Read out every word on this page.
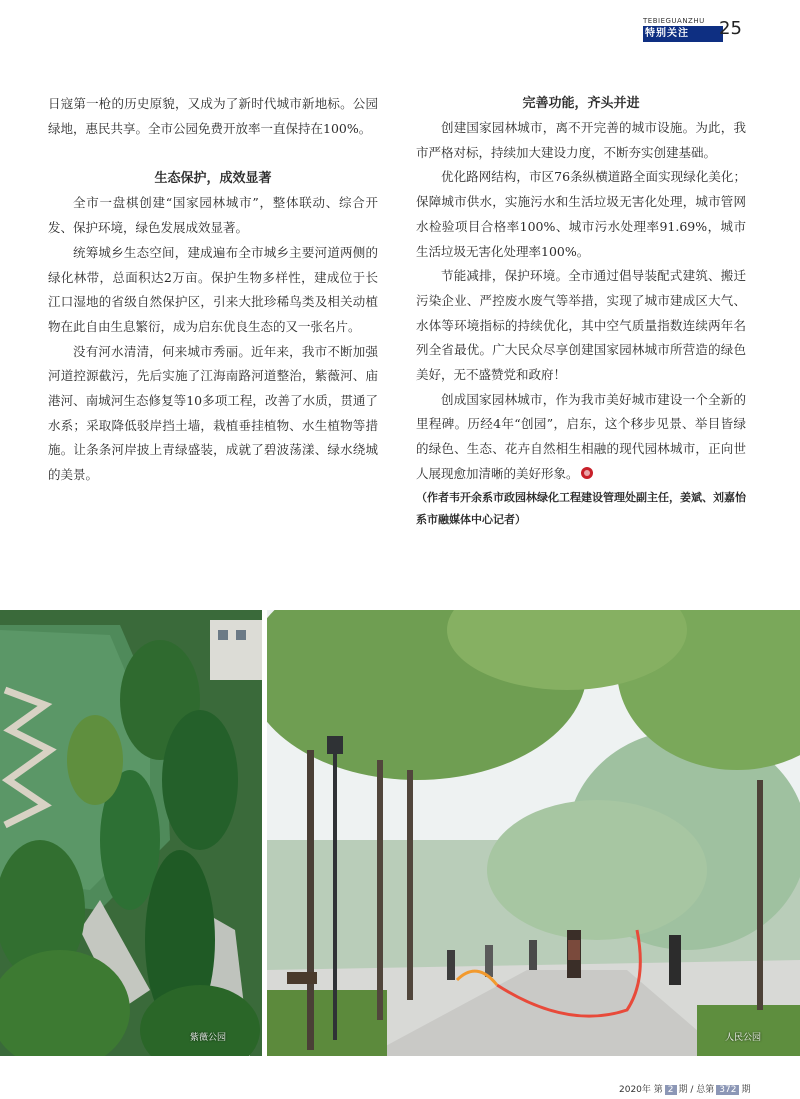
TEBIEGUANZHU
特别关注 25

日寇第一枪的历史原貌，又成为了新时代城市新地标。公园绿地，惠民共享。全市公园免费开放率一直保持在100%。

生态保护，成效显著

全市一盘棋创建“国家园林城市”，整体联动、综合开发、保护环境，绿色发展成效显著。

统筹城乡生态空间，建成遍布全市城乡主要河道两侧的绿化林带，总面积达2万亩。保护生物多样性，建成位于长江口湿地的省级自然保护区，引来大批珍稀鸟类及相关动植物在此自由生息繁衍，成为启东优良生态的又一张名片。

没有河水清清，何来城市秀丽。近年来，我市不断加强河道控源截污，先后实施了江海南路河道整治，紫薇河、庙港河、南城河生态修复等10多项工程，改善了水质，贯通了水系；采取降低驳岸挡土墙，栽植垂挂植物、水生植物等措施。让条条河岸披上青绿盛装，成就了碧波荡漾、绿水绕城的美景。

完善功能，齐头并进

创建国家园林城市，离不开完善的城市设施。为此，我市严格对标，持续加大建设力度，不断夯实创建基础。

优化路网结构，市区76条纵横道路全面实现绿化美化；保障城市供水，实施污水和生活垃圾无害化处理，城市管网水检验项目合格率100%、城市污水处理率91.69%，城市生活垃圾无害化处理率100%。

节能减排，保护环境。全市通过倡导装配式建筑、搬迁污染企业、严控废水废气等举措，实现了城市建成区大气、水体等环境指标的持续优化，其中空气质量指数连续两年名列全省最优。广大民众尽享创建国家园林城市所营造的绿色美好，无不盛赞党和政府！

创成国家园林城市，作为我市美好城市建设一个全新的里程碑。历经4年“创园”，启东，这个移步见景、举目皆绿的绿色、生态、花卉自然相生相融的现代园林城市，正向世人展现愈加清晰的美好形象。

（作者韦开余系市政园林绿化工程建设管理处副主任，姜斌、刘嘉怡系市融媒体中心记者）

紫薇公园	人民公园
2020年 第 2 期 / 总第 372 期
